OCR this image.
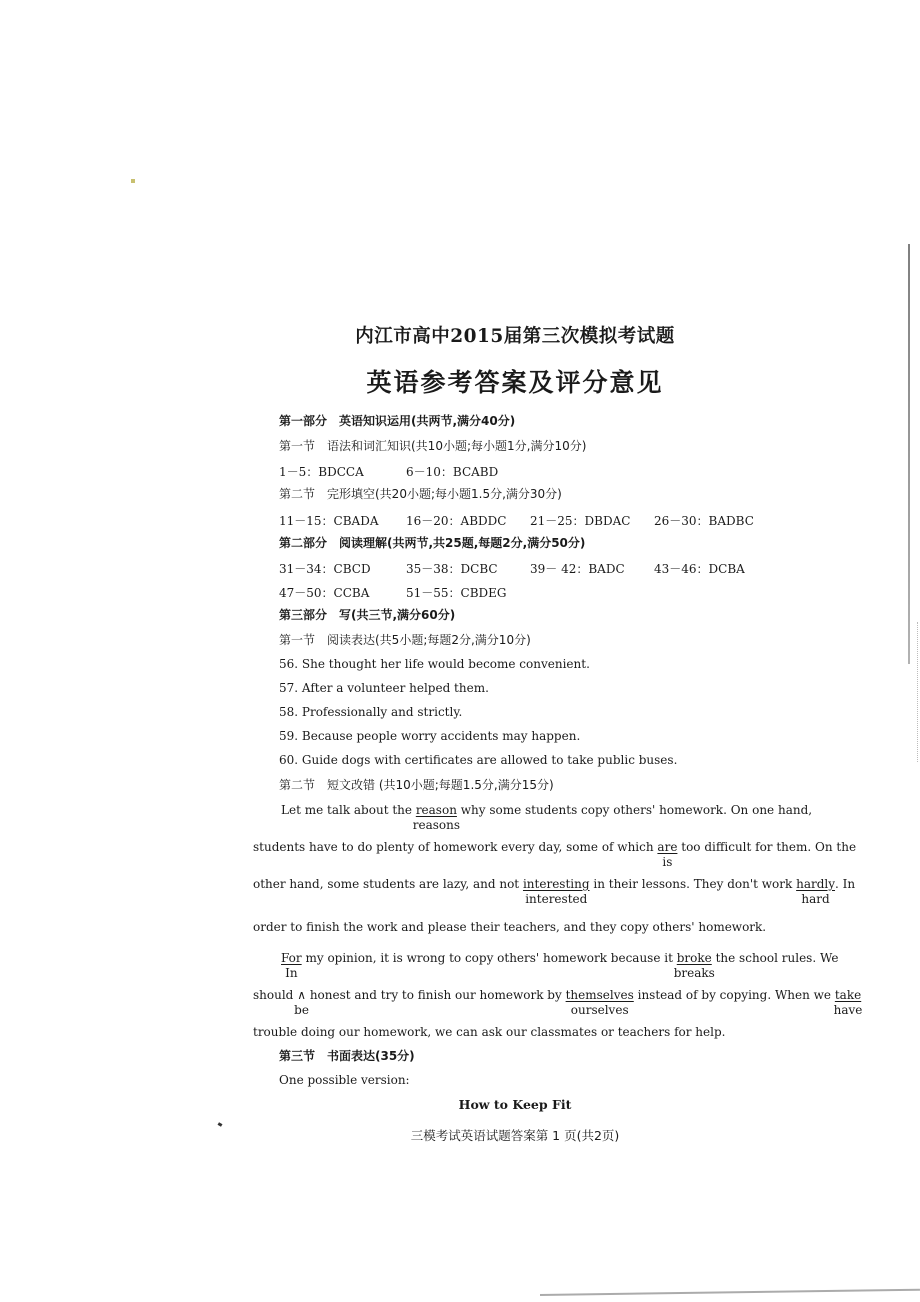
内江市高中2015届第三次模拟考试题
英语参考答案及评分意见
第一部分　英语知识运用(共两节,满分40分)
第一节　语法和词汇知识(共10小题;每小题1分,满分10分)
1－5：BDCCA	6－10：BCABD
第二节　完形填空(共20小题;每小题1.5分,满分30分)
11－15：CBADA 16－20：ABDDC 21－25：DBDAC 26－30：BADBC
第二部分　阅读理解(共两节,共25题,每题2分,满分50分)
31－34：CBCD	35－38：DCBC	39－ 42：BADC 43－46：DCBA
47－50：CCBA	51－55：CBDEG
第三部分　写(共三节,满分60分)
第一节　阅读表达(共5小题;每题2分,满分10分)
56. She thought her life would become convenient.
57. After a volunteer helped them.
58. Professionally and strictly.
59. Because people worry accidents may happen.
60. Guide dogs with certificates are allowed to take public buses.
第二节　短文改错 (共10小题;每题1.5分,满分15分)
Let me talk about the reason
reasons
why some students copy others' homework. On one hand,
students have to do plenty of homework every day, some of which are
is
too difficult for them. On the
other hand, some students are lazy, and not interesting
interested
in their lessons. They don't work hardly
hard
. In
order to finish the work and please their teachers, and they copy others' homework.
For
In
my opinion, it is wrong to copy others' homework because it broke
breaks
the school rules. We
should ∧
be
honest and try to finish our homework by themselves
ourselves
instead of by copying. When we take
have
trouble doing our homework, we can ask our classmates or teachers for help.
第三节　书面表达(35分)
One possible version:
How to Keep Fit
三模考试英语试题答案第 1 页(共2页)
